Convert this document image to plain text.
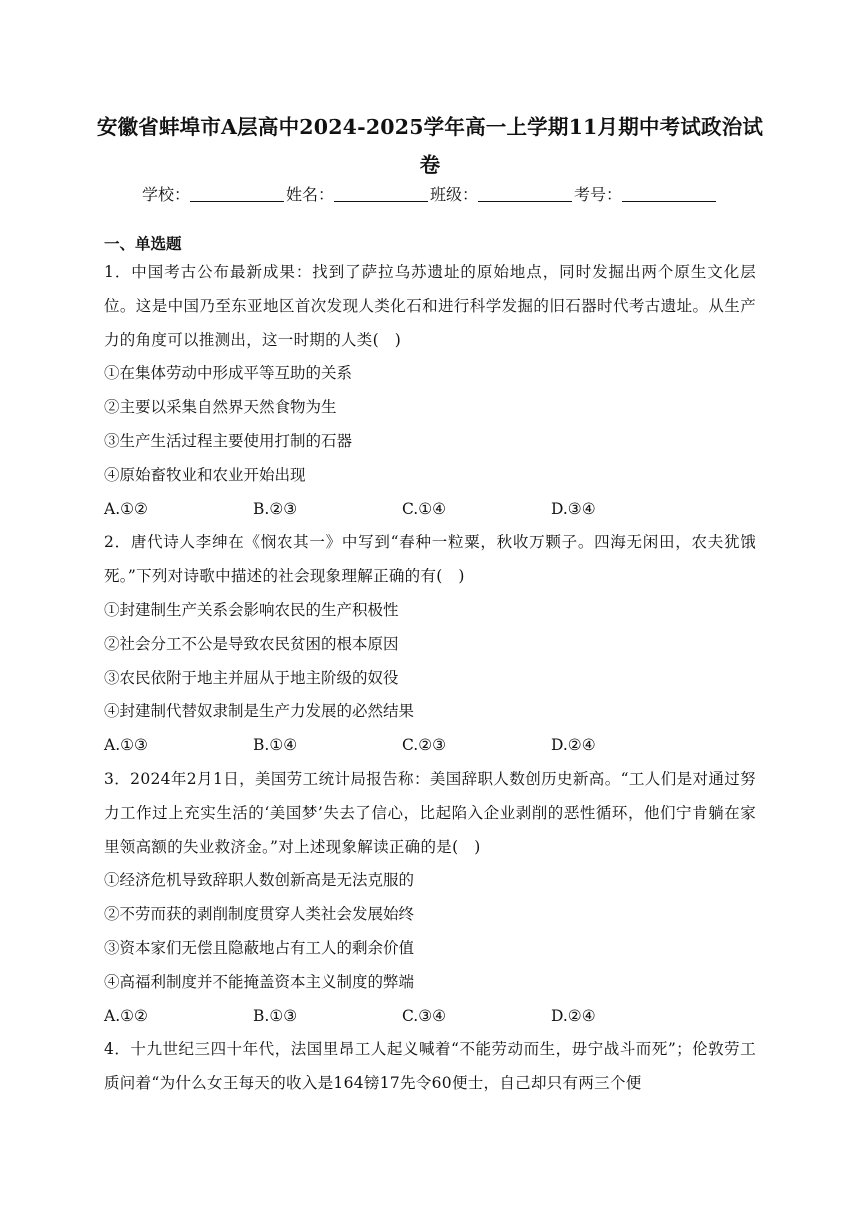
安徽省蚌埠市A层高中2024-2025学年高一上学期11月期中考试政治试卷
学校：	姓名：	班级：	考号：
一、单选题
1．中国考古公布最新成果：找到了萨拉乌苏遗址的原始地点，同时发掘出两个原生文化层位。这是中国乃至东亚地区首次发现人类化石和进行科学发掘的旧石器时代考古遗址。从生产力的角度可以推测出，这一时期的人类(　)
①在集体劳动中形成平等互助的关系
②主要以采集自然界天然食物为生
③生产生活过程主要使用打制的石器
④原始畜牧业和农业开始出现
A.①②	B.②③	C.①④	D.③④
2．唐代诗人李绅在《悯农其一》中写到“春种一粒粟，秋收万颗子。四海无闲田，农夫犹饿死。”下列对诗歌中描述的社会现象理解正确的有(　)
①封建制生产关系会影响农民的生产积极性
②社会分工不公是导致农民贫困的根本原因
③农民依附于地主并屈从于地主阶级的奴役
④封建制代替奴隶制是生产力发展的必然结果
A.①③	B.①④	C.②③	D.②④
3．2024年2月1日，美国劳工统计局报告称：美国辞职人数创历史新高。“工人们是对通过努力工作过上充实生活的‘美国梦’失去了信心，比起陷入企业剥削的恶性循环，他们宁肯躺在家里领高额的失业救济金。”对上述现象解读正确的是(　)
①经济危机导致辞职人数创新高是无法克服的
②不劳而获的剥削制度贯穿人类社会发展始终
③资本家们无偿且隐蔽地占有工人的剩余价值
④高福利制度并不能掩盖资本主义制度的弊端
A.①②	B.①③	C.③④	D.②④
4．十九世纪三四十年代，法国里昂工人起义喊着“不能劳动而生，毋宁战斗而死”；伦敦劳工质问着“为什么女王每天的收入是164镑17先令60便士，自己却只有两三个便
